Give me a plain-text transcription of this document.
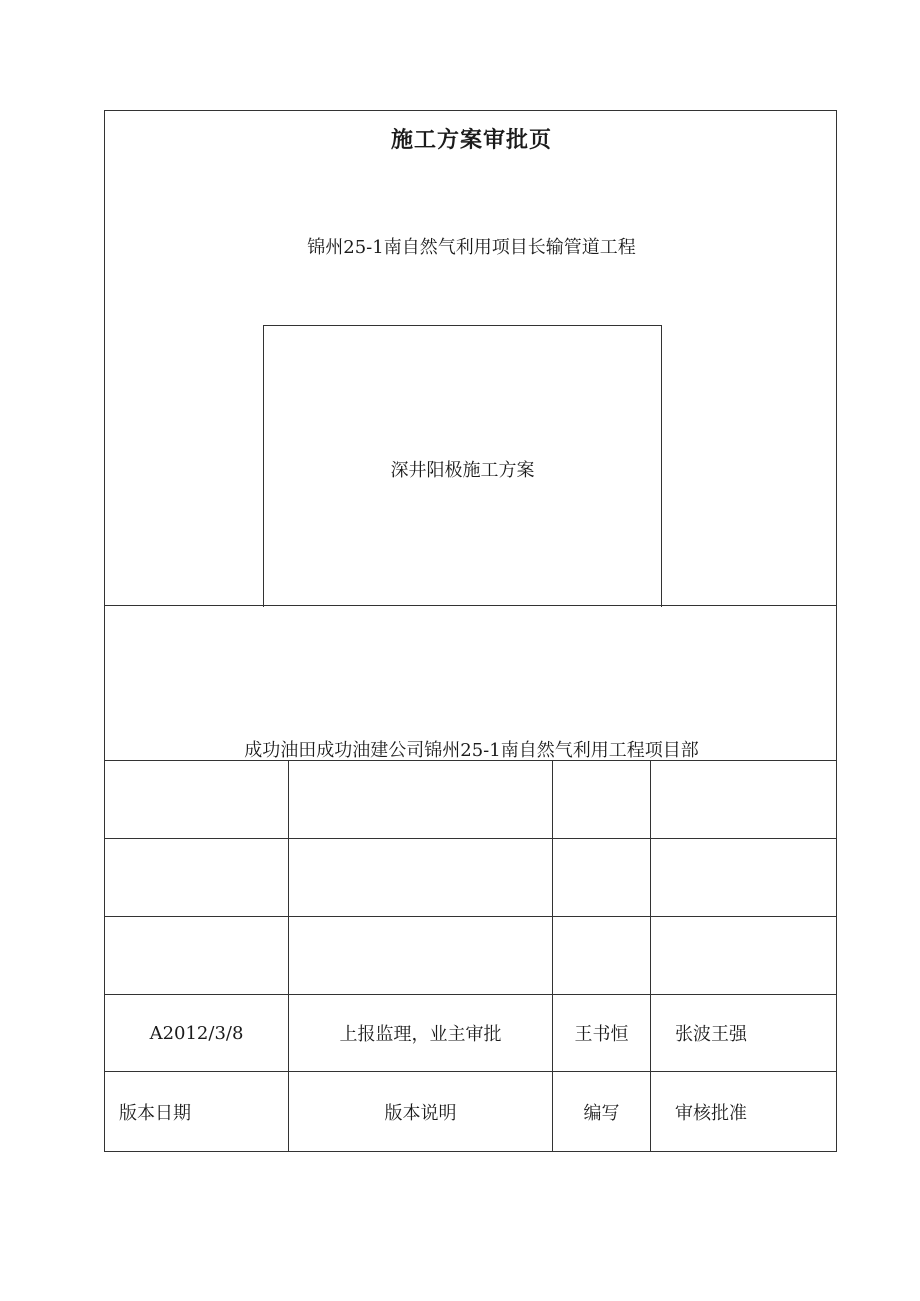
施工方案审批页
锦州25-1南自然气利用项目长输管道工程
深井阳极施工方案
成功油田成功油建公司锦州25-1南自然气利用工程项目部
A2012/3/8	上报监理，业主审批	王书恒	张波王强
版本日期	版本说明	编写	审核批准
